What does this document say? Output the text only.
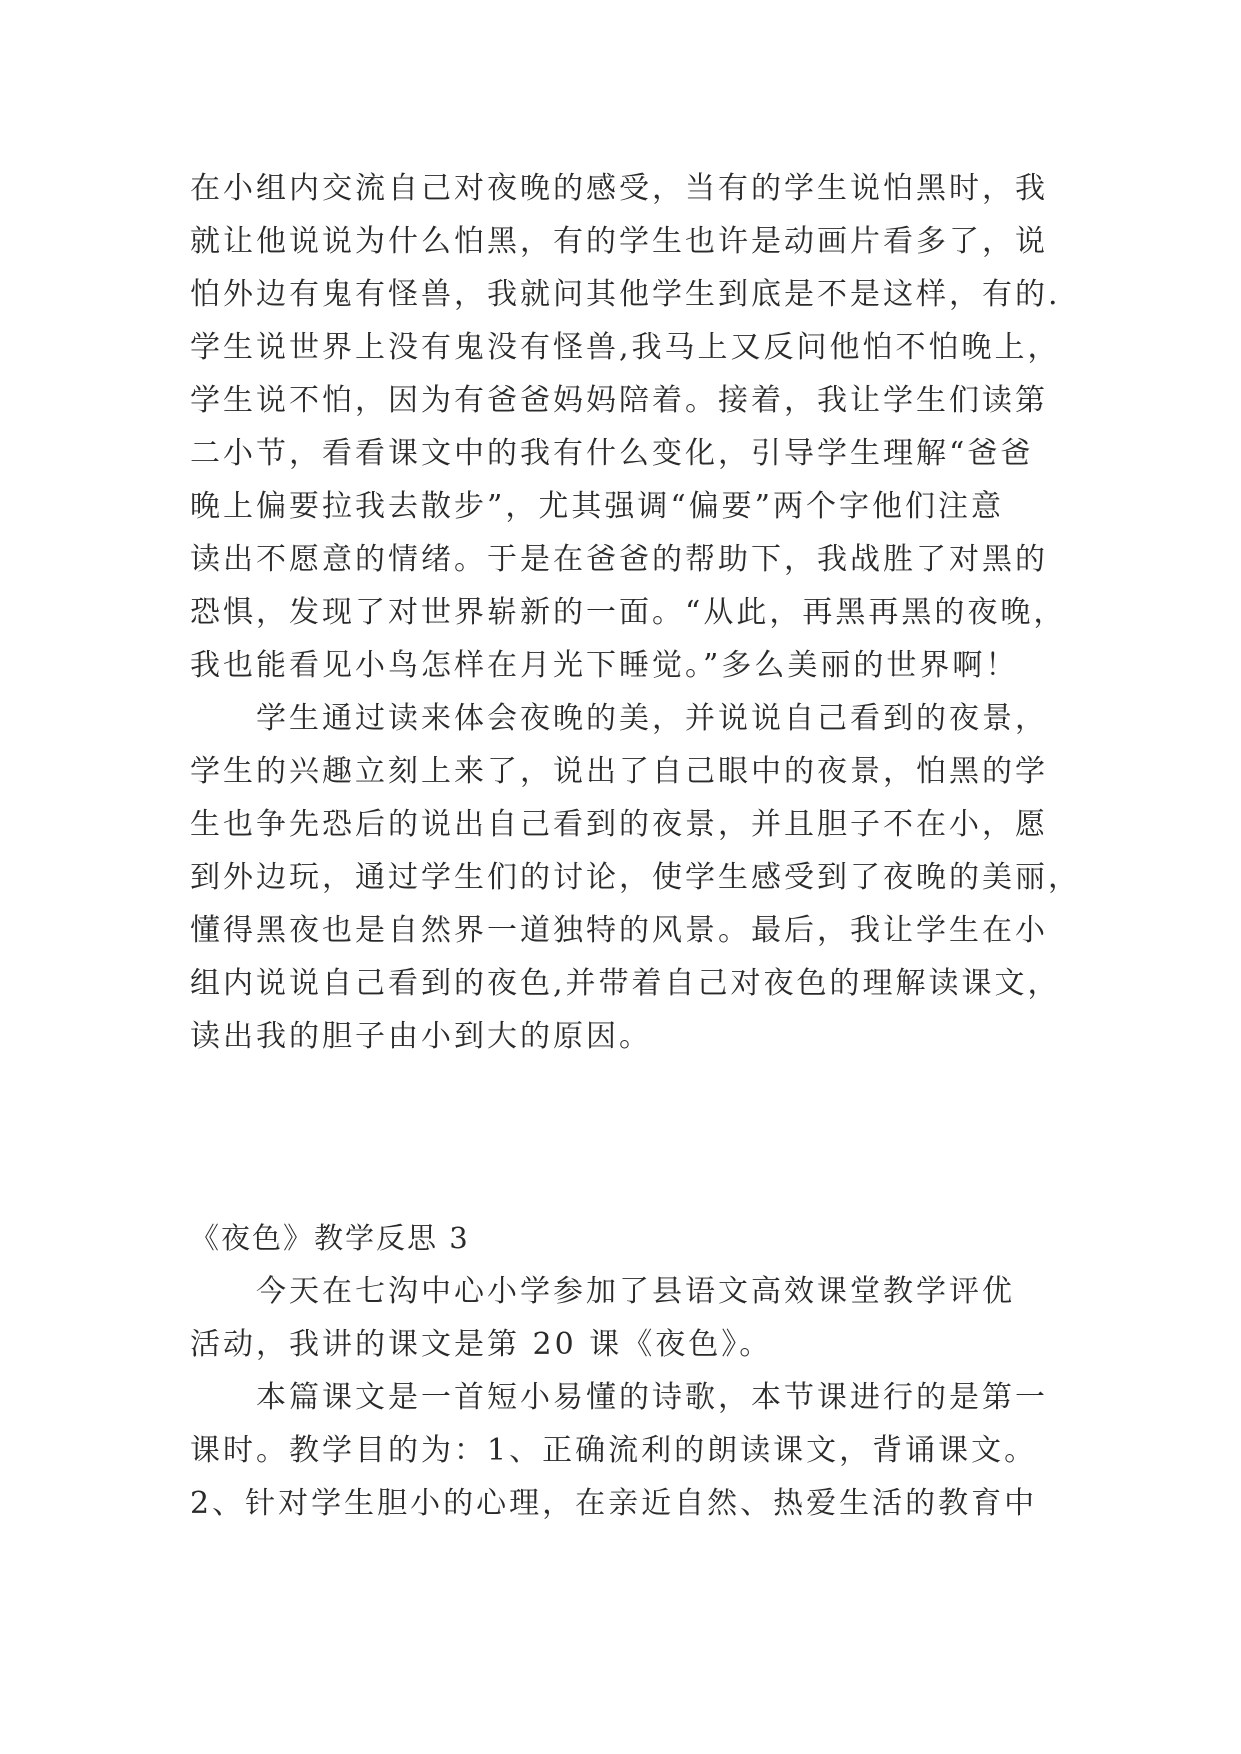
在小组内交流自己对夜晚的感受，当有的学生说怕黑时，我
就让他说说为什么怕黑，有的学生也许是动画片看多了，说
怕外边有鬼有怪兽，我就问其他学生到底是不是这样，有的.
学生说世界上没有鬼没有怪兽,我马上又反问他怕不怕晚上，
学生说不怕，因为有爸爸妈妈陪着。接着，我让学生们读第
二小节，看看课文中的我有什么变化，引导学生理解“爸爸
晚上偏要拉我去散步”，尤其强调“偏要”两个字他们注意
读出不愿意的情绪。于是在爸爸的帮助下，我战胜了对黑的
恐惧，发现了对世界崭新的一面。“从此，再黑再黑的夜晚，
我也能看见小鸟怎样在月光下睡觉。”多么美丽的世界啊！
　　学生通过读来体会夜晚的美，并说说自己看到的夜景，
学生的兴趣立刻上来了，说出了自己眼中的夜景，怕黑的学
生也争先恐后的说出自己看到的夜景，并且胆子不在小，愿
到外边玩，通过学生们的讨论，使学生感受到了夜晚的美丽，
懂得黑夜也是自然界一道独特的风景。最后，我让学生在小
组内说说自己看到的夜色,并带着自己对夜色的理解读课文，
读出我的胆子由小到大的原因。
《夜色》教学反思 3
　　今天在七沟中心小学参加了县语文高效课堂教学评优
活动，我讲的课文是第 20 课《夜色》。
　　本篇课文是一首短小易懂的诗歌，本节课进行的是第一
课时。教学目的为：1、正确流利的朗读课文，背诵课文。
2、针对学生胆小的心理，在亲近自然、热爱生活的教育中
